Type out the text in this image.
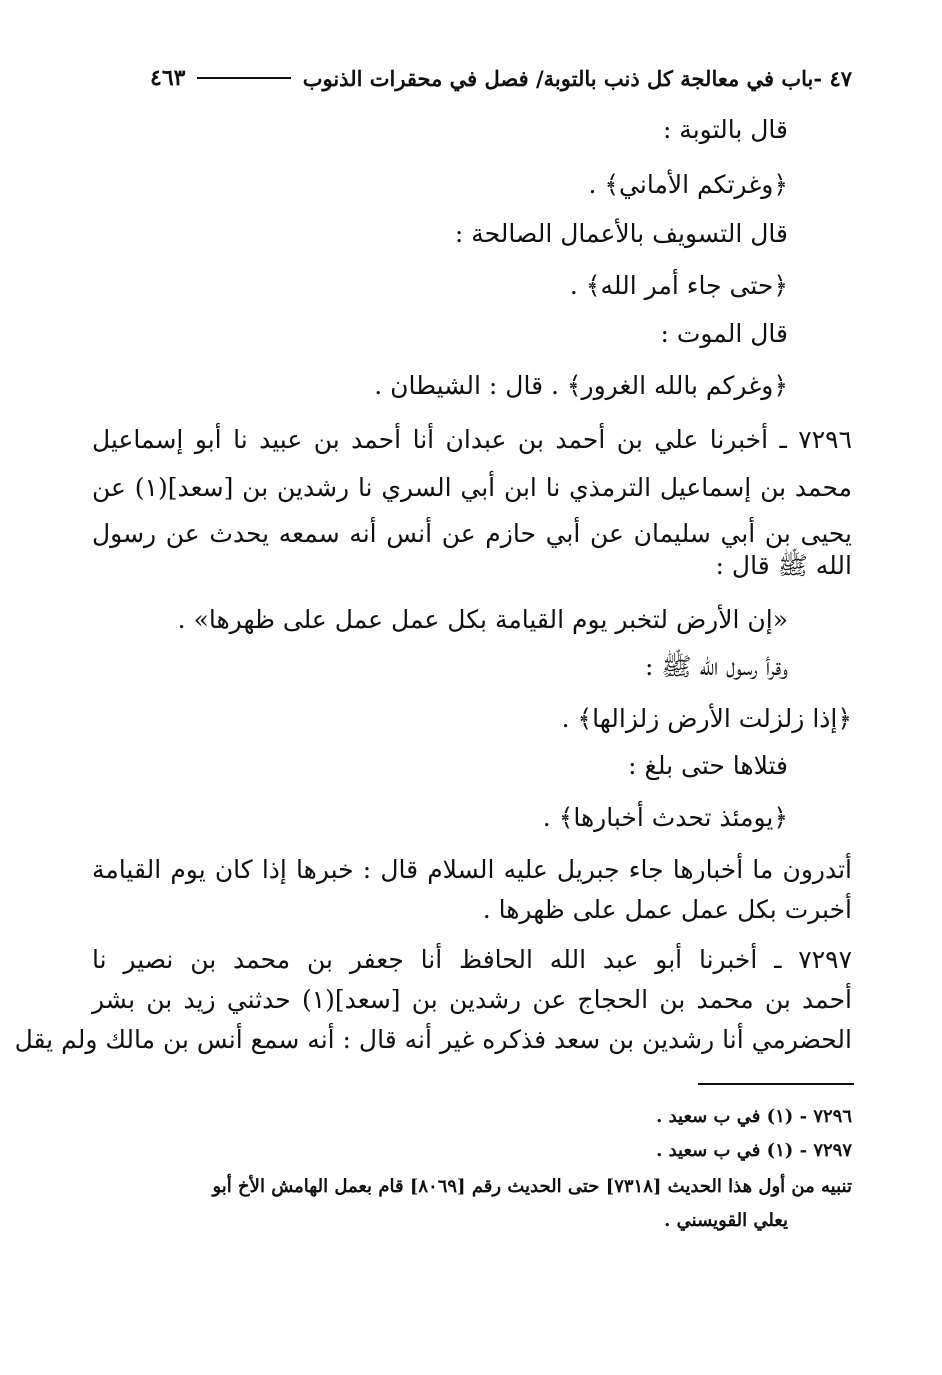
٤٧ -باب في معالجة كل ذنب بالتوبة/ فصل في محقرات الذنوب
٤٦٣
قال بالتوبة :
﴿وغرتكم الأماني﴾ .
قال التسويف بالأعمال الصالحة :
﴿حتى جاء أمر الله﴾ .
قال الموت :
﴿وغركم بالله الغرور﴾ . قال : الشيطان .
٧٢٩٦ ـ أخبرنا علي بن أحمد بن عبدان أنا أحمد بن عبيد نا أبو إسماعيل
محمد بن إسماعيل الترمذي نا ابن أبي السري نا رشدين بن [سعد](١) عن
يحيى بن أبي سليمان عن أبي حازم عن أنس أنه سمعه يحدث عن رسول
الله ﷺ قال :
«إن الأرض لتخبر يوم القيامة بكل عمل عمل على ظهرها» .
وقرأ رسول الله ﷺ :
﴿إذا زلزلت الأرض زلزالها﴾ .
فتلاها حتى بلغ :
﴿يومئذ تحدث أخبارها﴾ .
أتدرون ما أخبارها جاء جبريل عليه السلام قال : خبرها إذا كان يوم القيامة
أخبرت بكل عمل عمل على ظهرها .
٧٢٩٧ ـ أخبرنا أبو عبد الله الحافظ أنا جعفر بن محمد بن نصير نا
أحمد بن محمد بن الحجاج عن رشدين بن [سعد](١) حدثني زيد بن بشر
الحضرمي أنا رشدين بن سعد فذكره غير أنه قال : أنه سمع أنس بن مالك ولم يقل
٧٢٩٦ - (١) في ب سعيد .
٧٢٩٧ - (١) في ب سعيد .
تنبيه من أول هذا الحديث [٧٣١٨] حتى الحديث رقم [٨٠٦٩] قام بعمل الهامش الأخ أبو
يعلي القويسني .
